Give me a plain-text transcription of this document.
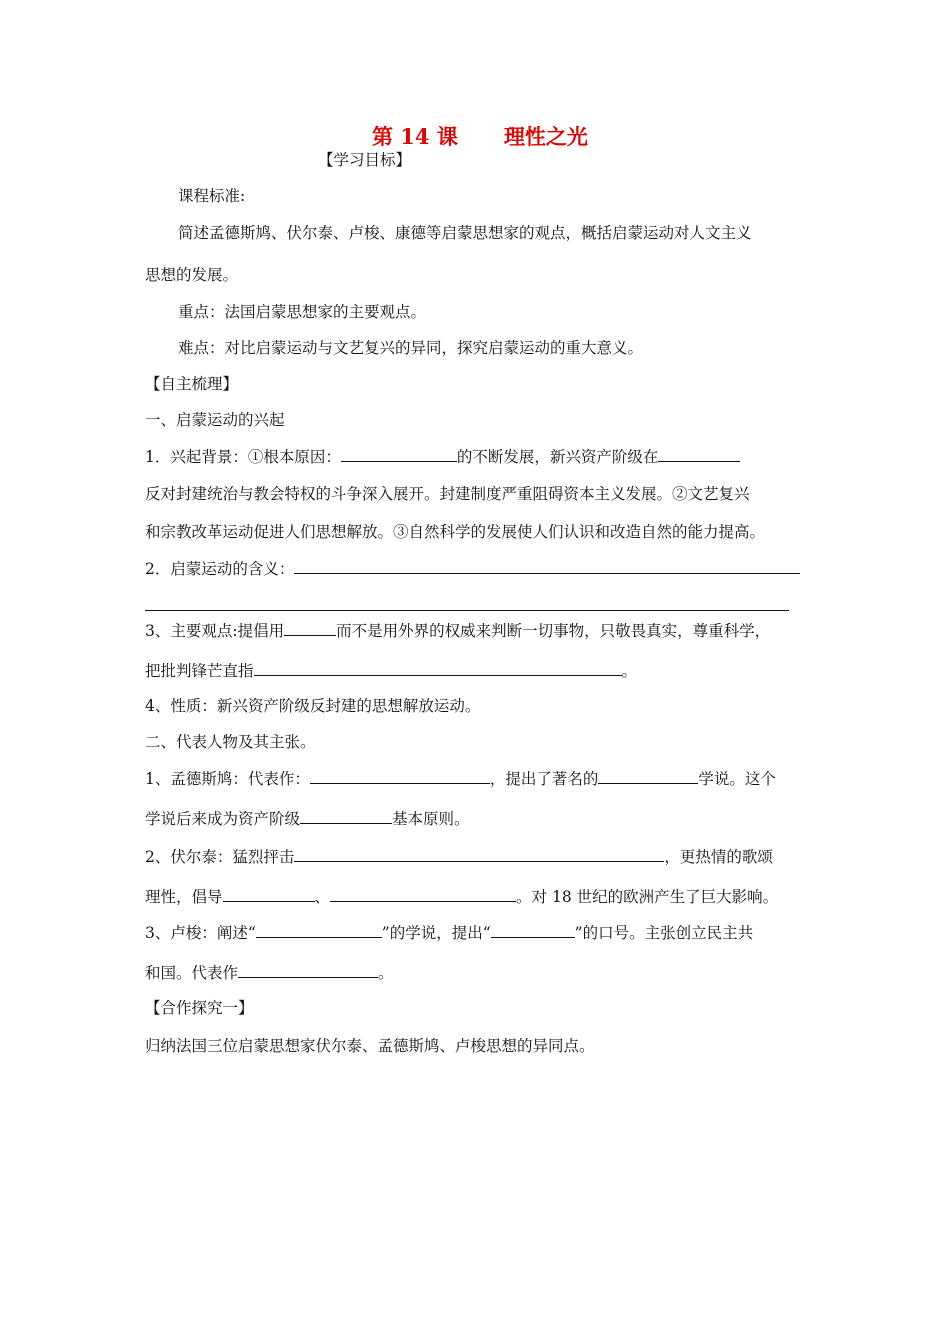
第 14 课 理性之光
【学习目标】
课程标准:
简述孟德斯鸠、伏尔泰、卢梭、康德等启蒙思想家的观点，概括启蒙运动对人文主义
思想的发展。
重点：法国启蒙思想家的主要观点。
难点：对比启蒙运动与文艺复兴的异同，探究启蒙运动的重大意义。
【自主梳理】
一、启蒙运动的兴起
1．兴起背景：①根本原因：	的不断发展，新兴资产阶级在
反对封建统治与教会特权的斗争深入展开。封建制度严重阻碍资本主义发展。②文艺复兴
和宗教改革运动促进人们思想解放。③自然科学的发展使人们认识和改造自然的能力提高。
2．启蒙运动的含义：
3、主要观点:提倡用	而不是用外界的权威来判断一切事物，只敬畏真实，尊重科学，
把批判锋芒直指	。
4、性质：新兴资产阶级反封建的思想解放运动。
二、代表人物及其主张。
1、孟德斯鸠：代表作：	，提出了著名的	学说。这个
学说后来成为资产阶级	基本原则。
2、伏尔泰：猛烈抨击	，更热情的歌颂
理性，倡导	、	。对 18 世纪的欧洲产生了巨大影响。
3、卢梭：阐述“	”的学说，提出“	”的口号。主张创立民主共
和国。代表作	。
【合作探究一】
归纳法国三位启蒙思想家伏尔泰、孟德斯鸠、卢梭思想的异同点。
